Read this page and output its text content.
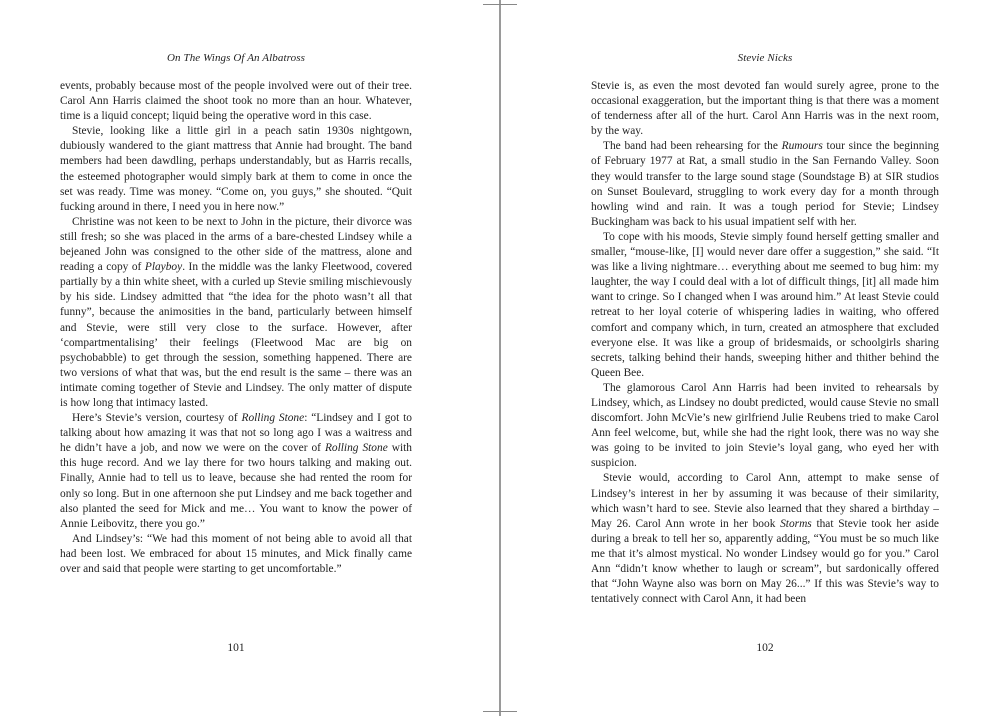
On The Wings Of An Albatross

events, probably because most of the people involved were out of their tree. Carol Ann Harris claimed the shoot took no more than an hour. Whatever, time is a liquid concept; liquid being the operative word in this case.

Stevie, looking like a little girl in a peach satin 1930s nightgown, dubiously wandered to the giant mattress that Annie had brought. The band members had been dawdling, perhaps understandably, but as Harris recalls, the esteemed photographer would simply bark at them to come in once the set was ready. Time was money. “Come on, you guys,” she shouted. “Quit fucking around in there, I need you in here now.”

Christine was not keen to be next to John in the picture, their divorce was still fresh; so she was placed in the arms of a bare-chested Lindsey while a bejeaned John was consigned to the other side of the mattress, alone and reading a copy of Playboy. In the middle was the lanky Fleetwood, covered partially by a thin white sheet, with a curled up Stevie smiling mischievously by his side. Lindsey admitted that “the idea for the photo wasn’t all that funny”, because the animosities in the band, particularly between himself and Stevie, were still very close to the surface. However, after ‘compartmentalising’ their feelings (Fleetwood Mac are big on psychobabble) to get through the session, something happened. There are two versions of what that was, but the end result is the same – there was an intimate coming together of Stevie and Lindsey. The only matter of dispute is how long that intimacy lasted.

Here’s Stevie’s version, courtesy of Rolling Stone: “Lindsey and I got to talking about how amazing it was that not so long ago I was a waitress and he didn’t have a job, and now we were on the cover of Rolling Stone with this huge record. And we lay there for two hours talking and making out. Finally, Annie had to tell us to leave, because she had rented the room for only so long. But in one afternoon she put Lindsey and me back together and also planted the seed for Mick and me… You want to know the power of Annie Leibovitz, there you go.”

And Lindsey’s: “We had this moment of not being able to avoid all that had been lost. We embraced for about 15 minutes, and Mick finally came over and said that people were starting to get uncomfortable.”

101
Stevie Nicks

Stevie is, as even the most devoted fan would surely agree, prone to the occasional exaggeration, but the important thing is that there was a moment of tenderness after all of the hurt. Carol Ann Harris was in the next room, by the way.

The band had been rehearsing for the Rumours tour since the beginning of February 1977 at Rat, a small studio in the San Fernando Valley. Soon they would transfer to the large sound stage (Soundstage B) at SIR studios on Sunset Boulevard, struggling to work every day for a month through howling wind and rain. It was a tough period for Stevie; Lindsey Buckingham was back to his usual impatient self with her.

To cope with his moods, Stevie simply found herself getting smaller and smaller, “mouse-like, [I] would never dare offer a suggestion,” she said. “It was like a living nightmare… everything about me seemed to bug him: my laughter, the way I could deal with a lot of difficult things, [it] all made him want to cringe. So I changed when I was around him.” At least Stevie could retreat to her loyal coterie of whispering ladies in waiting, who offered comfort and company which, in turn, created an atmosphere that excluded everyone else. It was like a group of bridesmaids, or schoolgirls sharing secrets, talking behind their hands, sweeping hither and thither behind the Queen Bee.

The glamorous Carol Ann Harris had been invited to rehearsals by Lindsey, which, as Lindsey no doubt predicted, would cause Stevie no small discomfort. John McVie’s new girlfriend Julie Reubens tried to make Carol Ann feel welcome, but, while she had the right look, there was no way she was going to be invited to join Stevie’s loyal gang, who eyed her with suspicion.

Stevie would, according to Carol Ann, attempt to make sense of Lindsey’s interest in her by assuming it was because of their similarity, which wasn’t hard to see. Stevie also learned that they shared a birthday – May 26. Carol Ann wrote in her book Storms that Stevie took her aside during a break to tell her so, apparently adding, “You must be so much like me that it’s almost mystical. No wonder Lindsey would go for you.” Carol Ann “didn’t know whether to laugh or scream”, but sardonically offered that “John Wayne also was born on May 26...” If this was Stevie’s way to tentatively connect with Carol Ann, it had been

102
